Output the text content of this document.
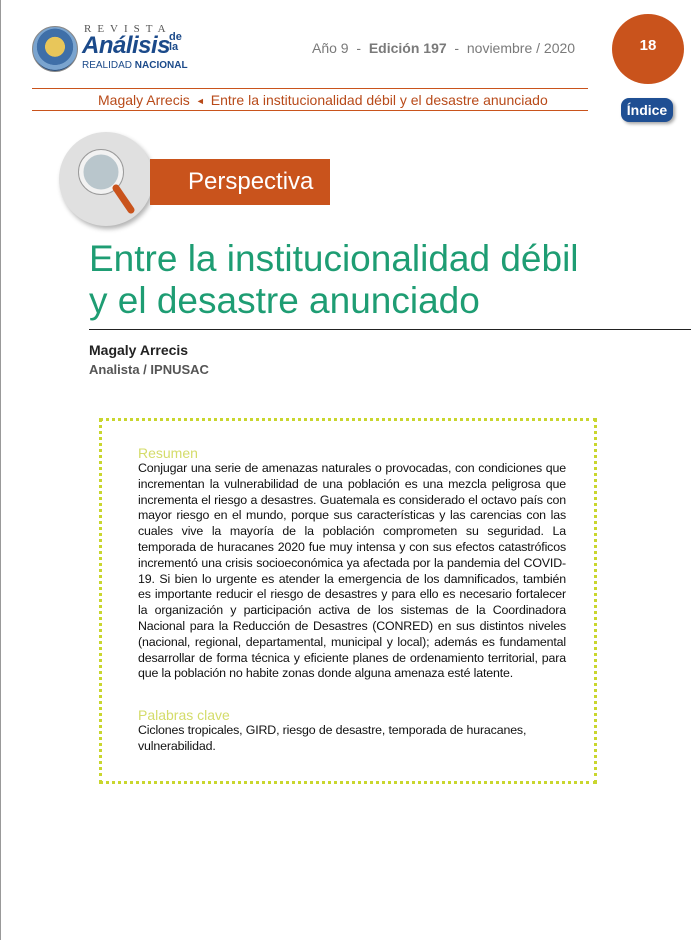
REVISTA
Análisis
de la
REALIDAD NACIONAL
Año 9 - Edición 197 - noviembre / 2020	18
Magaly Arrecis ◄ Entre la institucionalidad débil y el desastre anunciado
Índice
Perspectiva
Entre la institucionalidad débil
y el desastre anunciado
Magaly Arrecis
Analista / IPNUSAC
Resumen

Conjugar una serie de amenazas naturales o provocadas, con condiciones que incrementan la vulnerabilidad de una población es una mezcla peligrosa que incrementa el riesgo a desastres. Guatemala es considerado el octavo país con mayor riesgo en el mundo, porque sus características y las carencias con las cuales vive la mayoría de la población comprometen su seguridad. La temporada de huracanes 2020 fue muy intensa y con sus efectos catastróficos incrementó una crisis socioeconómica ya afectada por la pandemia del COVID-19. Si bien lo urgente es atender la emergencia de los damnificados, también es importante reducir el riesgo de desastres y para ello es necesario fortalecer la organización y participación activa de los sistemas de la Coordinadora Nacional para la Reducción de Desastres (CONRED) en sus distintos niveles (nacional, regional, departamental, municipal y local); además es fundamental desarrollar de forma técnica y eficiente planes de ordenamiento territorial, para que la población no habite zonas donde alguna amenaza esté latente.

Palabras clave

Ciclones tropicales, GIRD, riesgo de desastre, temporada de huracanes, vulnerabilidad.
